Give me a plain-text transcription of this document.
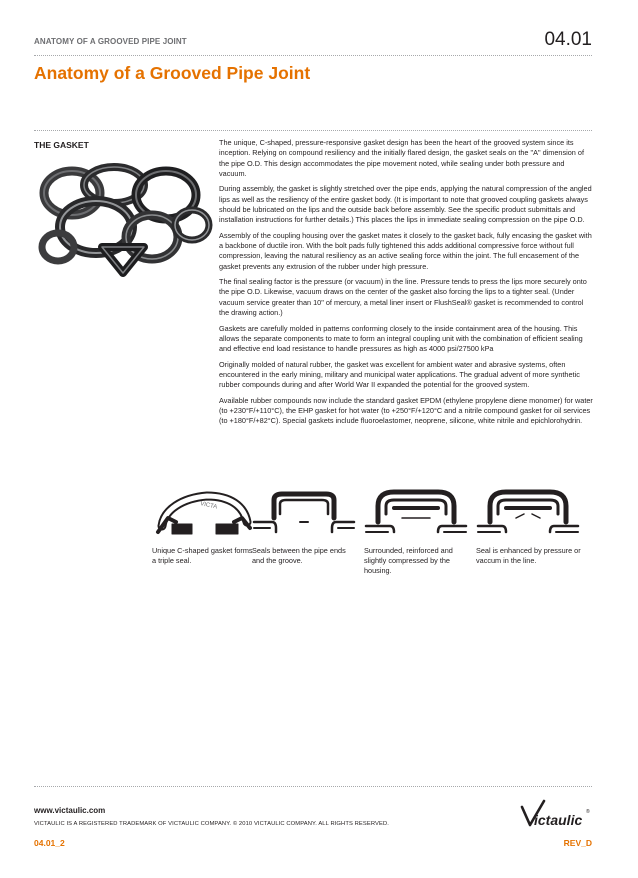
ANATOMY OF A GROOVED PIPE JOINT	04.01
Anatomy of a Grooved Pipe Joint
THE GASKET	The unique, C-shaped, pressure-responsive gasket design has been the heart of the grooved system since its inception. Relying on compound resiliency and the initially flared design, the gasket seals on the "A" dimension of the pipe O.D. This design accommodates the pipe movement noted, while sealing under both pressure and vacuum.

During assembly, the gasket is slightly stretched over the pipe ends, applying the natural compression of the angled lips as well as the resiliency of the entire gasket body. (It is important to note that grooved coupling gaskets always should be lubricated on the lips and the outside back before assembly. See the specific product submittals and installation instructions for further details.) This places the lips in immediate sealing compression on the pipe O.D.

Assembly of the coupling housing over the gasket mates it closely to the gasket back, fully encasing the gasket with a backbone of ductile iron. With the bolt pads fully tightened this adds additional compressive force without full compression, leaving the natural resiliency as an active sealing force within the joint. The full encasement of the gasket prevents any extrusion of the rubber under high pressure.

The final sealing factor is the pressure (or vacuum) in the line. Pressure tends to press the lips more securely onto the pipe O.D. Likewise, vacuum draws on the center of the gasket also forcing the lips to a tighter seal. (Under vacuum service greater than 10" of mercury, a metal liner insert or FlushSeal® gasket is recommended to control the drawing action.)

Gaskets are carefully molded in patterns conforming closely to the inside containment area of the housing. This allows the separate components to mate to form an integral coupling unit with the combination of efficient sealing and effective end load resistance to handle pressures as high as 4000 psi/27500 kPa

Originally molded of natural rubber, the gasket was excellent for ambient water and abrasive systems, often encountered in the early mining, military and municipal water applications. The gradual advent of more synthetic rubber compounds during and after World War II expanded the potential for the grooved system.

Available rubber compounds now include the standard gasket EPDM (ethylene propylene diene monomer) for water (to +230°F/+110°C), the EHP gasket for hot water (to +250°F/+120°C and a nitrile compound gasket for oil services (to +180°F/+82°C). Special gaskets include fluoroelastomer, neoprene, silicone, white nitrile and epichlorohydrin.

VICTA
Unique C-shaped gasket forms a triple seal.
Seals between the pipe ends and the groove.
Surrounded, reinforced and slightly compressed by the housing.
Seal is enhanced by pressure or vaccum in the line.
www.victaulic.com
VICTAULIC IS A REGISTERED TRADEMARK OF VICTAULIC COMPANY. © 2010 VICTAULIC COMPANY. ALL RIGHTS RESERVED.
04.01_2	REV_D
ictaulic ®
